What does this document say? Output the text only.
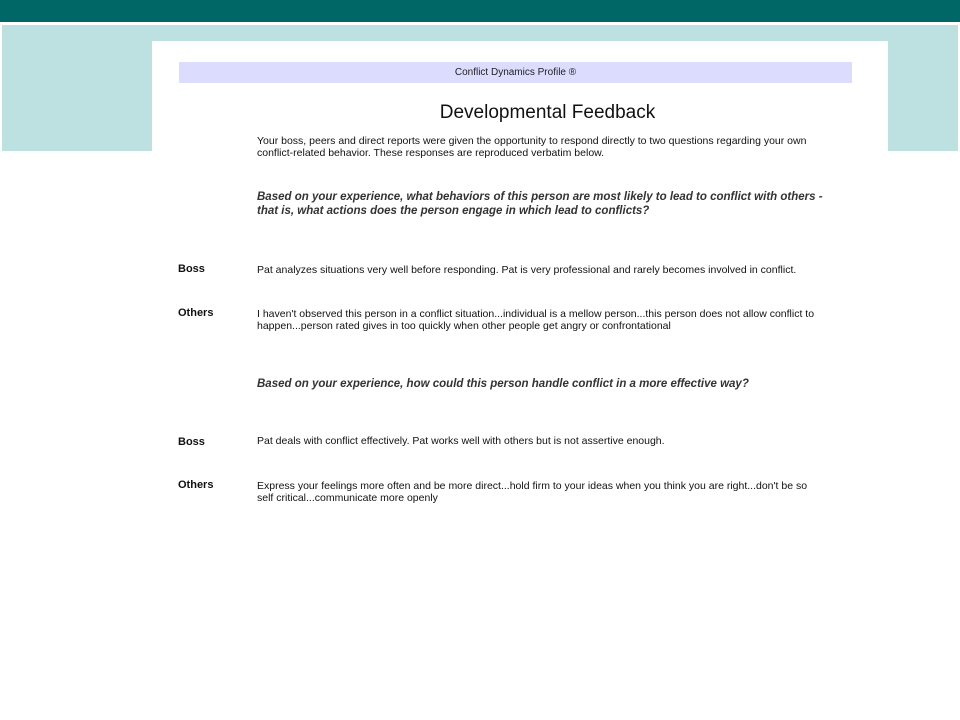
Conflict Dynamics Profile ®
Developmental Feedback
Your boss, peers and direct reports were given the opportunity to respond directly to two questions regarding your own conflict-related behavior. These responses are reproduced verbatim below.
Based on your experience, what behaviors of this person are most likely to lead to conflict with others - that is, what actions does the person engage in which lead to conflicts?
Boss	Pat analyzes situations very well before responding. Pat is very professional and rarely becomes involved in conflict.
Others	I haven't observed this person in a conflict situation...individual is a mellow person...this person does not allow conflict to happen...person rated gives in too quickly when other people get angry or confrontational
Based on your experience, how could this person handle conflict in a more effective way?
Boss	Pat deals with conflict effectively. Pat works well with others but is not assertive enough.
Others	Express your feelings more often and be more direct...hold firm to your ideas when you think you are right...don't be so self critical...communicate more openly
